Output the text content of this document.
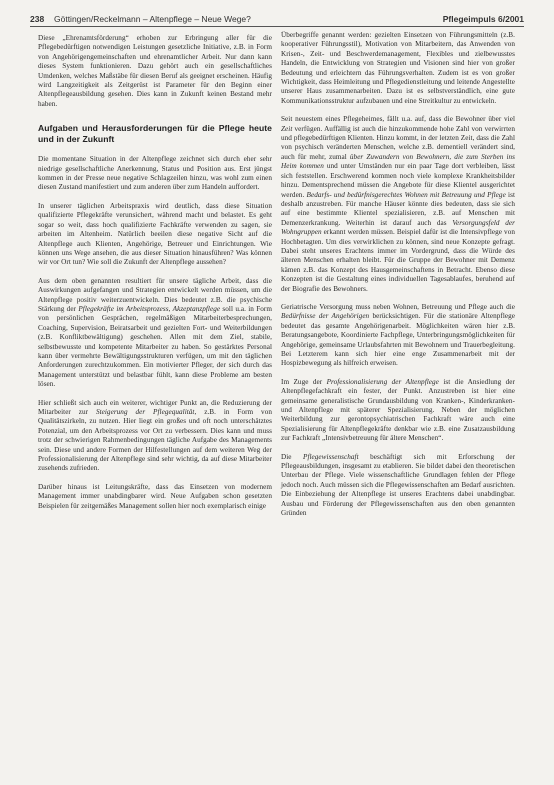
238 Göttingen/Reckelmann – Altenpflege – Neue Wege?	Pflegeimpuls 6/2001

Diese „Ehrenamtsförderung“ erhoben zur Erbringung aller für die Pflegebedürftigen notwendigen Leistungen gesetzliche Initiative, z.B. in Form von Angehörigengemeinschaften und ehrenamtlicher Arbeit. Nur dann kann dieses System funktionieren. Dazu gehört auch ein gesellschaftliches Umdenken, welches Maßstäbe für diesen Beruf als geeignet erscheinen. Häufig wird Langzeitigkeit als Zeitgerüst ist Parameter für den Beginn einer Altenpflegeausbildung gesehen. Dies kann in Zukunft keinen Bestand mehr haben.

Aufgaben und Herausforderungen für die Pflege heute und in der Zukunft

Die momentane Situation in der Altenpflege zeichnet sich durch eher sehr niedrige gesellschaftliche Anerkennung, Status und Position aus. Erst jüngst kommen in der Presse neue negative Schlagzeilen hinzu, was wohl zum einen diesen Zustand manifestiert und zum anderen über zum Handeln auffordert.

In unserer täglichen Arbeitspraxis wird deutlich, dass diese Situation qualifizierte Pflegekräfte verunsichert, während macht und belastet. Es geht sogar so weit, dass hoch qualifizierte Fachkräfte verwenden zu sagen, sie arbeiten im Altenheim. Natürlich beeilen diese negative Sicht auf die Altenpflege auch Klienten, Angehörige, Betreuer und Einrichtungen. Wie können uns Wege ansehen, die aus dieser Situation hinausführen? Was können wir vor Ort tun? Wie soll die Zukunft der Altenpflege aussehen?

Aus dem oben genannten resultiert für unsere tägliche Arbeit, dass die Auswirkungen aufgefangen und Strategien entwickelt werden müssen, um die Altenpflege positiv weiterzuentwickeln. Dies bedeutet z.B. die psychische Stärkung der Pflegekräfte im Arbeitsprozess, Akzeptanzpflege soll u.a. in Form von persönlichen Gesprächen, regelmäßigen Mitarbeiterbesprechungen, Coaching, Supervision, Beiratsarbeit und gezielten Fort- und Weiterbildungen (z.B. Konfliktbewältigung) geschehen. Allen mit dem Ziel, stabile, selbstbewusste und kompetente Mitarbeiter zu haben. So gestärktes Personal kann über vermehrte Bewältigungsstrukturen verfügen, um mit den täglichen Anforderungen zurechtzukommen. Ein motivierter Pfleger, der sich durch das Management unterstützt und belastbar fühlt, kann diese Probleme am besten lösen.

Hier schließt sich auch ein weiterer, wichtiger Punkt an, die Reduzierung der Mitarbeiter zur Steigerung der Pflegequalität, z.B. in Form von Qualitätszirkeln, zu nutzen. Hier liegt ein großes und oft noch unterschätztes Potenzial, um den Arbeitsprozess vor Ort zu verbessern. Dies kann und muss trotz der schwierigen Rahmenbedingungen tägliche Aufgabe des Managements sein. Diese und andere Formen der Hilfestellungen auf dem weiteren Weg der Professionalisierung der Altenpflege sind sehr wichtig, da auf diese Mitarbeiter zusehends zufrieden.

Darüber hinaus ist Leitungskräfte, dass das Einsetzen von modernem Management immer unabdingbarer wird. Neue Aufgaben schon gesetzten Beispielen für zeitgemäßes Management sollen hier noch exemplarisch einige

Überbegriffe genannt werden: gezielten Einsetzen von Führungsmitteln (z.B. kooperativer Führungsstil), Motivation von Mitarbeitern, das Anwenden von Krisen-, Zeit- und Beschwerdemanagement, Flexibles und zielbewusstes Handeln, die Entwicklung von Strategien und Visionen sind hier von großer Bedeutung und erleichtern das Führungsverhalten. Zudem ist es von großer Wichtigkeit, dass Heimleitung und Pflegedienstleitung und leitende Angestellte unserer Haus zusammenarbeiten. Dazu ist es selbstverständlich, eine gute Kommunikationsstruktur aufzubauen und eine Streitkultur zu entwickeln.

Seit neuestem eines Pflegeheimes, fällt u.a. auf, dass die Bewohner über viel Zeit verfügen. Auffällig ist auch die hinzukommende hohe Zahl von verwirrten und pflegebedürftigen Klienten. Hinzu kommt, in der letzten Zeit, dass die Zahl von psychisch veränderten Menschen, welche z.B. dementiell verändert sind, auch für mehr, zumal über Zuwandern von Bewohnern, die zum Sterben ins Heim kommen und unter Umständen nur ein paar Tage dort verbleiben, lässt sich feststellen. Erschwerend kommen noch viele komplexe Krankheitsbilder hinzu. Dementsprechend müssen die Angebote für diese Klientel ausgerichtet werden. Bedarfs- und bedürfnisgerechtes Wohnen mit Betreuung und Pflege ist deshalb anzustreben. Für manche Häuser könnte dies bedeuten, dass sie sich auf eine bestimmte Klientel spezialisieren, z.B. auf Menschen mit Demenzerkrankung. Weiterhin ist darauf auch das Versorgungsfeld der Wohngruppen erkannt werden müssen. Beispiel dafür ist die Intensivpflege von Hochbetagten. Um dies verwirklichen zu können, sind neue Konzepte gefragt. Dabei steht unseres Erachtens immer im Vordergrund, dass die Würde des älteren Menschen erhalten bleibt. Für die Gruppe der Bewohner mit Demenz kämen z.B. das Konzept des Hausgemeinschaftens in Betracht. Ebenso diese Konzepten ist die Gestaltung eines individuellen Tagesablaufes, beruhend auf der Biografie des Bewohners.

Geriatrische Versorgung muss neben Wohnen, Betreuung und Pflege auch die Bedürfnisse der Angehörigen berücksichtigen. Für die stationäre Altenpflege bedeutet das gesamte Angehörigenarbeit. Möglichkeiten wären hier z.B. Beratungsangebote, Koordinierte Fachpflege, Unterbringungsmöglichkeiten für Angehörige, gemeinsame Urlaubsfahrten mit Bewohnern und Trauerbegleitung. Bei Letzterem kann sich hier eine enge Zusammenarbeit mit der Hospizbewegung als hilfreich erweisen.

Im Zuge der Professionalisierung der Altenpflege ist die Ansiedlung der Altenpflegefachkraft ein fester, der Punkt. Anzustreben ist hier eine gemeinsame generalistische Grundausbildung von Kranken-, Kinderkranken- und Altenpflege mit späterer Spezialisierung. Neben der möglichen Weiterbildung zur gerontopsychiatrischen Fachkraft wäre auch eine Spezialisierung für Altenpflegekräfte denkbar wie z.B. eine Zusatzausbildung zur Fachkraft „Intensivbetreuung für ältere Menschen“.

Die Pflegewissenschaft beschäftigt sich mit Erforschung der Pflegeausbildungen, insgesamt zu etablieren. Sie bildet dabei den theoretischen Unterbau der Pflege. Viele wissenschaftliche Grundlagen fehlen der Pflege jedoch noch. Auch müssen sich die Pflegewissenschaften am Bedarf ausrichten. Die Einbeziehung der Altenpflege ist unseres Erachtens dabei unabdingbar. Ausbau und Förderung der Pflegewissenschaften aus den oben genannten Gründen
